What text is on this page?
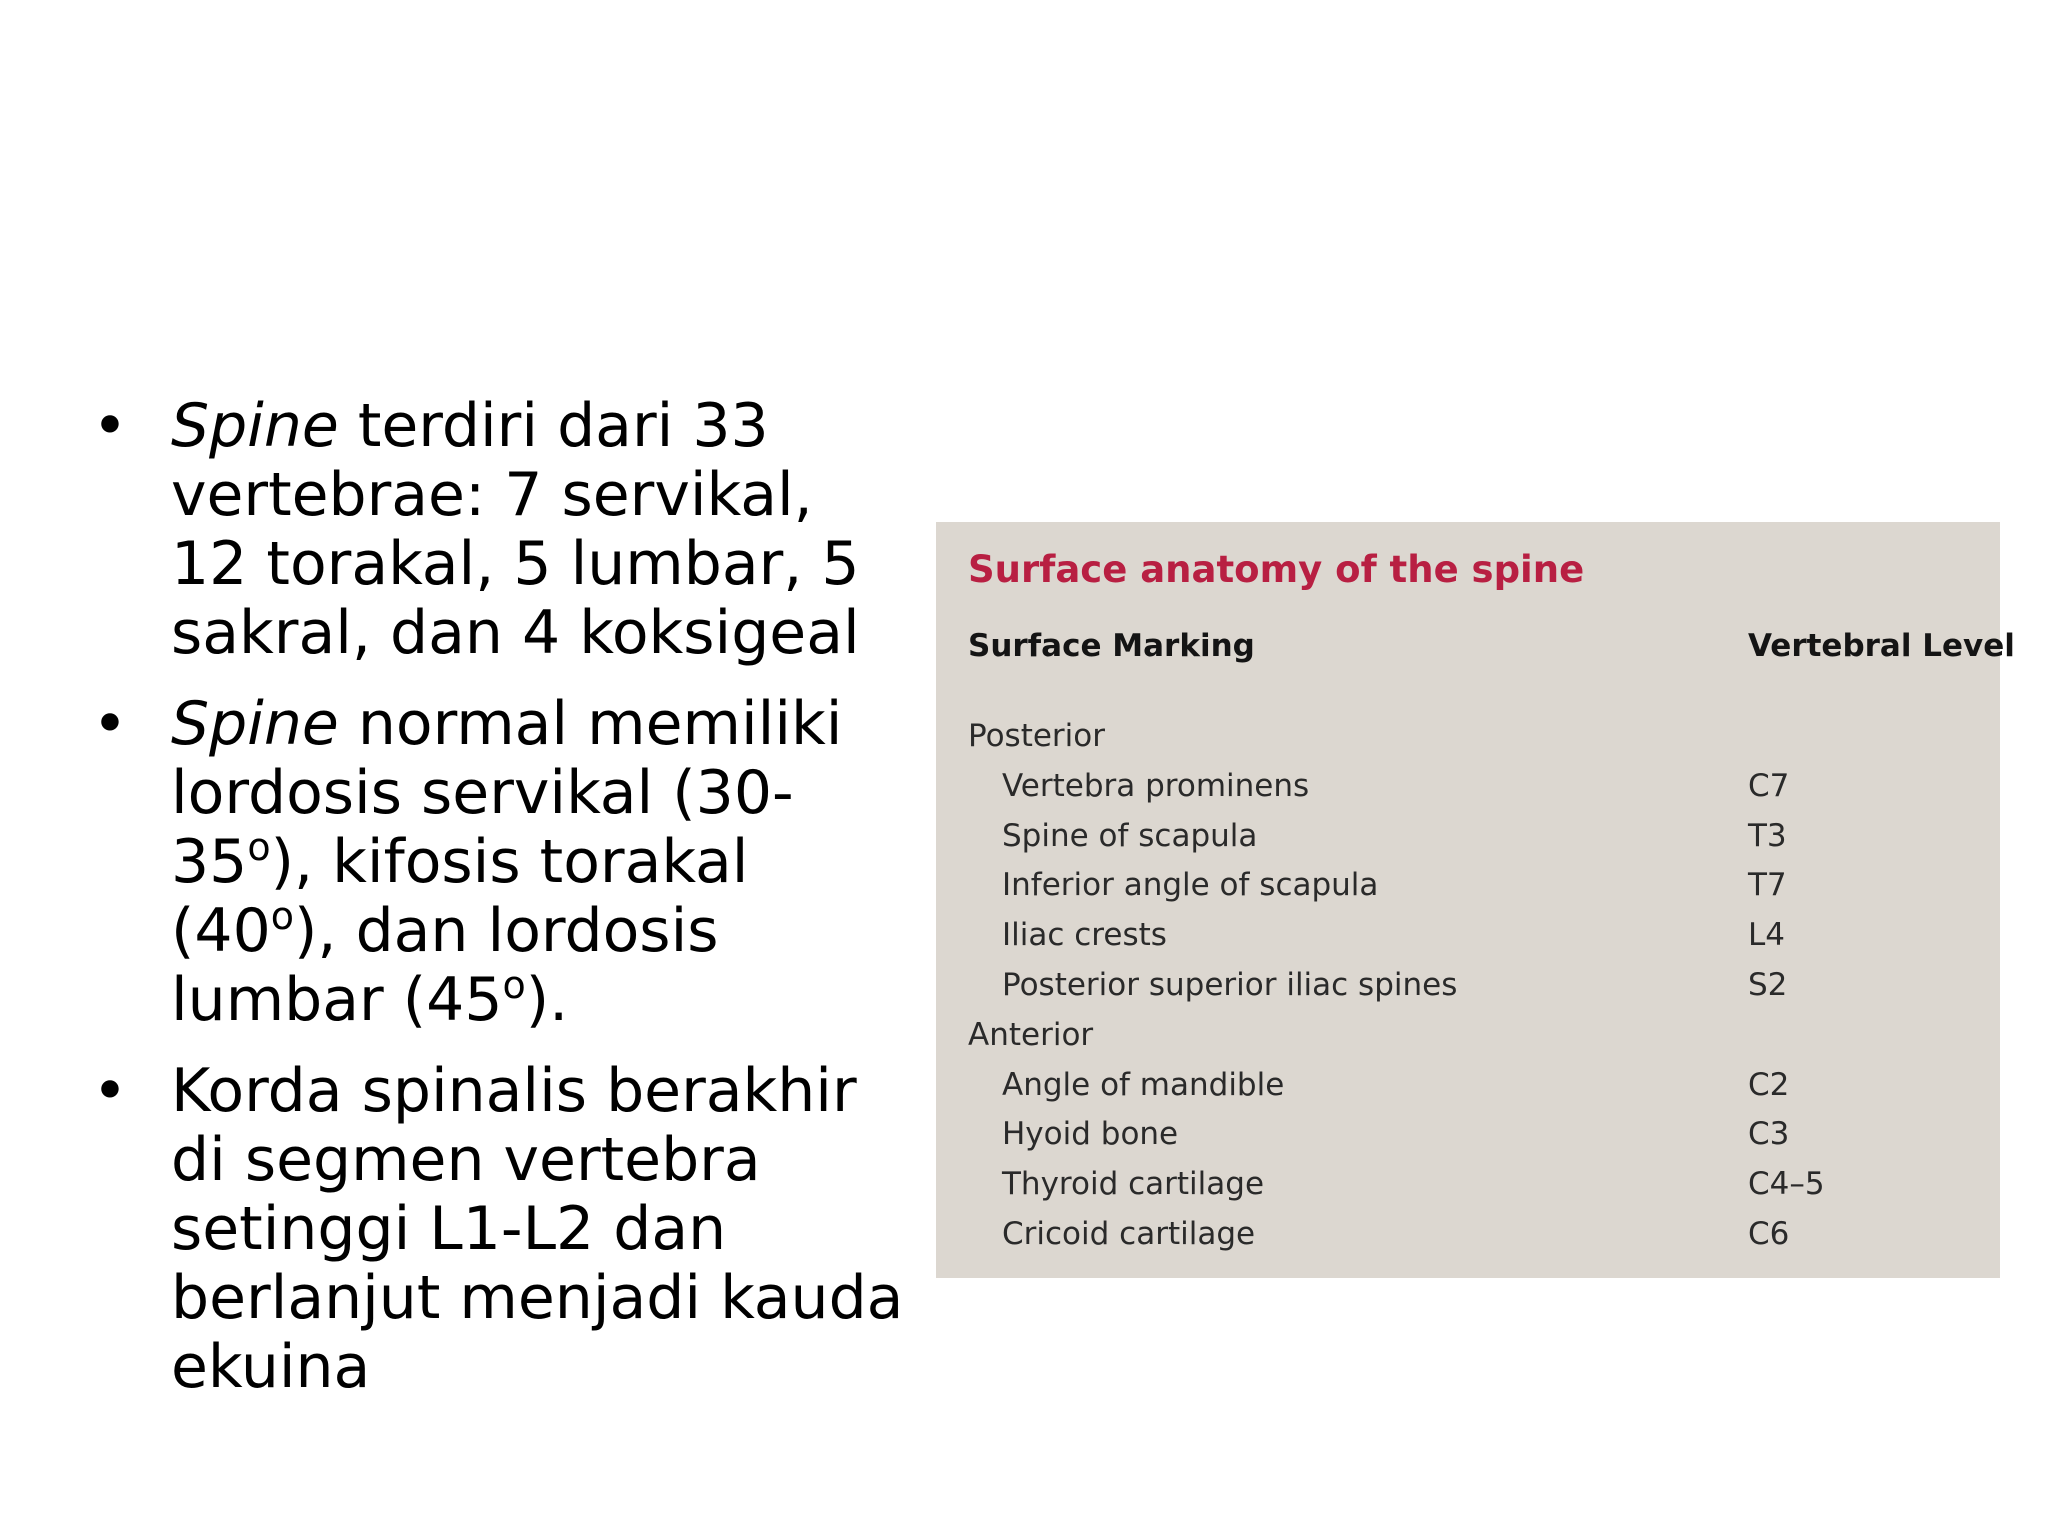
• Spine terdiri dari 33 vertebrae: 7 servikal, 12 torakal, 5 lumbar, 5 sakral, dan 4 koksigeal
• Spine normal memiliki lordosis servikal (30-35$^o$), kifosis torakal (40$^o$), dan lordosis lumbar (45$^o$).
• Korda spinalis berakhir di segmen vertebra setinggi L1-L2 dan berlanjut menjadi kauda ekuina
Surface anatomy of the spine
Surface Marking	Vertebral Level
Posterior
Vertebra prominens	C7
Spine of scapula	T3
Inferior angle of scapula	T7
Iliac crests	L4
Posterior superior iliac spines	S2
Anterior
Angle of mandible	C2
Hyoid bone	C3
Thyroid cartilage	C4–5
Cricoid cartilage	C6
